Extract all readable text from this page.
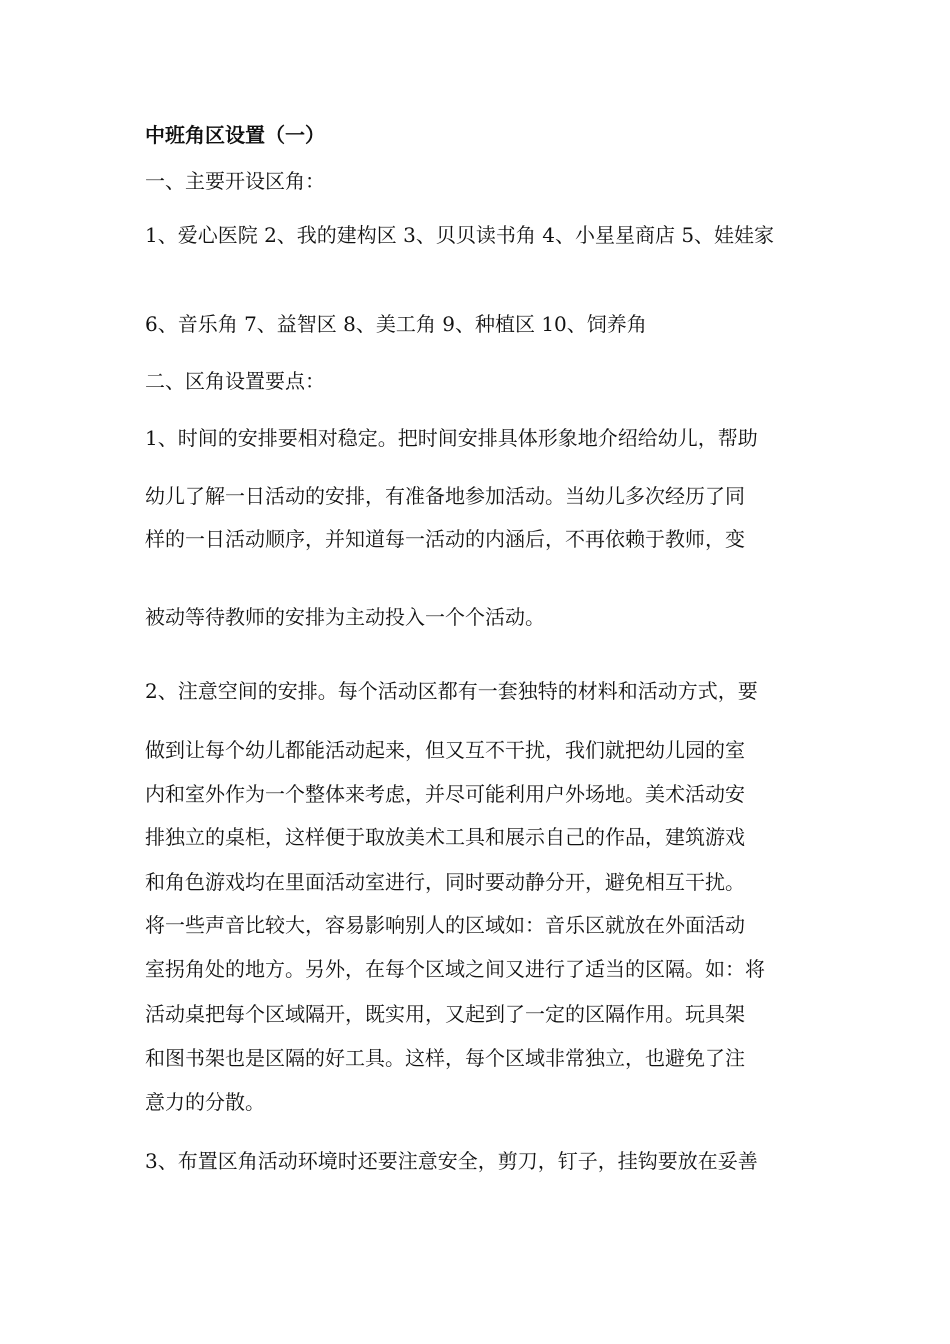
中班角区设置（一）
一、主要开设区角：
1、爱心医院 2、我的建构区 3、贝贝读书角 4、小星星商店 5、娃娃家
6、音乐角 7、益智区 8、美工角 9、种植区 10、饲养角
二、区角设置要点：
1、时间的安排要相对稳定。把时间安排具体形象地介绍给幼儿，帮助
幼儿了解一日活动的安排，有准备地参加活动。当幼儿多次经历了同
样的一日活动顺序，并知道每一活动的内涵后，不再依赖于教师，变
被动等待教师的安排为主动投入一个个活动。
2、注意空间的安排。每个活动区都有一套独特的材料和活动方式，要
做到让每个幼儿都能活动起来，但又互不干扰，我们就把幼儿园的室
内和室外作为一个整体来考虑，并尽可能利用户外场地。美术活动安
排独立的桌柜，这样便于取放美术工具和展示自己的作品，建筑游戏
和角色游戏均在里面活动室进行，同时要动静分开，避免相互干扰。
将一些声音比较大，容易影响别人的区域如：音乐区就放在外面活动
室拐角处的地方。另外，在每个区域之间又进行了适当的区隔。如：将
活动桌把每个区域隔开，既实用，又起到了一定的区隔作用。玩具架
和图书架也是区隔的好工具。这样，每个区域非常独立，也避免了注
意力的分散。
3、布置区角活动环境时还要注意安全，剪刀，钉子，挂钩要放在妥善
